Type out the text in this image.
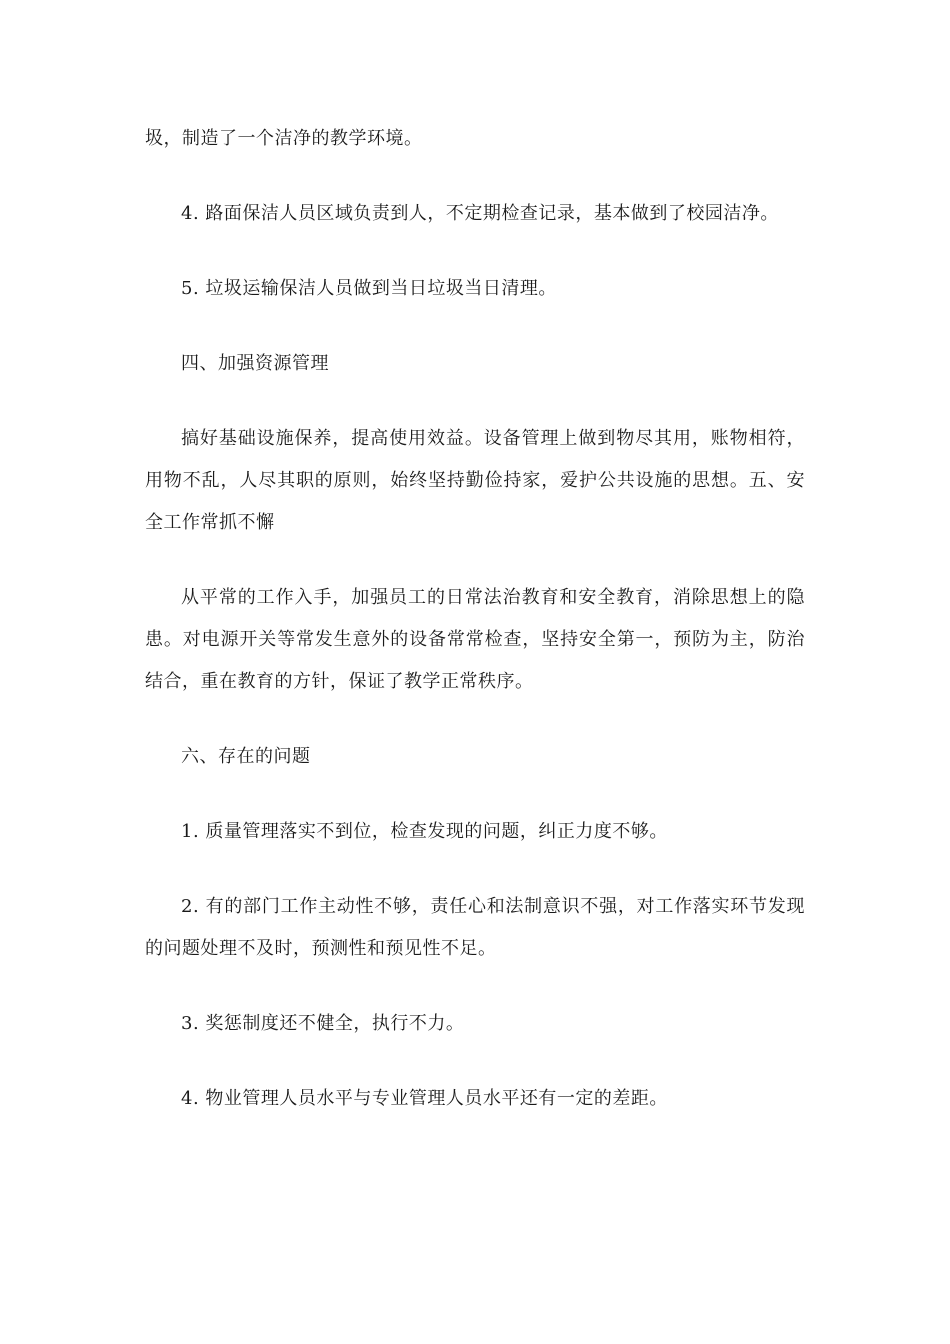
圾，制造了一个洁净的教学环境。

4. 路面保洁人员区域负责到人，不定期检查记录，基本做到了校园洁净。

5. 垃圾运输保洁人员做到当日垃圾当日清理。

四、加强资源管理

搞好基础设施保养，提高使用效益。设备管理上做到物尽其用，账物相符，用物不乱，人尽其职的原则，始终坚持勤俭持家，爱护公共设施的思想。五、安全工作常抓不懈

从平常的工作入手，加强员工的日常法治教育和安全教育，消除思想上的隐患。对电源开关等常发生意外的设备常常检查，坚持安全第一，预防为主，防治结合，重在教育的方针，保证了教学正常秩序。

六、存在的问题

1. 质量管理落实不到位，检查发现的问题，纠正力度不够。

2. 有的部门工作主动性不够，责任心和法制意识不强，对工作落实环节发现的问题处理不及时，预测性和预见性不足。

3. 奖惩制度还不健全，执行不力。

4. 物业管理人员水平与专业管理人员水平还有一定的差距。
